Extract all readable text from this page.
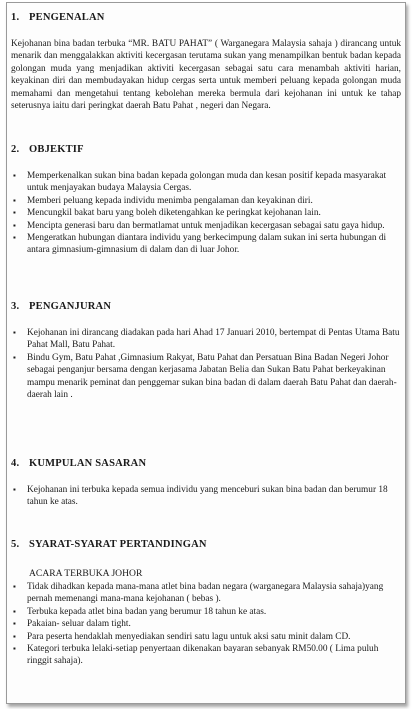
1. PENGENALAN

Kejohanan bina badan terbuka “MR. BATU PAHAT” ( Warganegara Malaysia sahaja ) dirancang untuk menarik dan menggalakkan aktiviti kecergasan terutama sukan yang menampilkan bentuk badan kepada golongan muda yang menjadikan aktiviti kecergasan sebagai satu cara menambah aktiviti harian, keyakinan diri dan membudayakan hidup cergas serta untuk memberi peluang kepada golongan muda memahami dan mengetahui tentang kebolehan mereka bermula dari kejohanan ini untuk ke tahap seterusnya iaitu dari peringkat daerah Batu Pahat , negeri dan Negara.

2. OBJEKTIF

▪ Memperkenalkan sukan bina badan kepada golongan muda dan kesan positif kepada masyarakat untuk menjayakan budaya Malaysia Cergas.
▪ Memberi peluang kepada individu menimba pengalaman dan keyakinan diri.
▪ Mencungkil bakat baru yang boleh diketengahkan ke peringkat kejohanan lain.
▪ Mencipta generasi baru dan bermatlamat untuk menjadikan kecergasan sebagai satu gaya hidup.
▪ Mengeratkan hubungan diantara individu yang berkecimpung dalam sukan ini serta hubungan di antara gimnasium-gimnasium di dalam dan di luar Johor.

3. PENGANJURAN

▪ Kejohanan ini dirancang diadakan pada hari Ahad 17 Januari 2010, bertempat di Pentas Utama Batu Pahat Mall, Batu Pahat.
▪ Bindu Gym, Batu Pahat ,Gimnasium Rakyat, Batu Pahat dan Persatuan Bina Badan Negeri Johor sebagai penganjur bersama dengan kerjasama Jabatan Belia dan Sukan Batu Pahat berkeyakinan mampu menarik peminat dan penggemar sukan bina badan di dalam daerah Batu Pahat dan daerah-daerah lain .

4. KUMPULAN SASARAN

▪ Kejohanan ini terbuka kepada semua individu yang menceburi sukan bina badan dan berumur 18 tahun ke atas.

5. SYARAT-SYARAT PERTANDINGAN

ACARA TERBUKA JOHOR

▪ Tidak dihadkan kepada mana-mana atlet bina badan negara (warganegara Malaysia sahaja)yang pernah memenangi mana-mana kejohanan ( bebas ).
▪ Terbuka kepada atlet bina badan yang berumur 18 tahun ke atas.
▪ Pakaian- seluar dalam tight.
▪ Para peserta hendaklah menyediakan sendiri satu lagu untuk aksi satu minit dalam CD.
▪ Kategori terbuka lelaki-setiap penyertaan dikenakan bayaran sebanyak RM50.00 ( Lima puluh ringgit sahaja).
